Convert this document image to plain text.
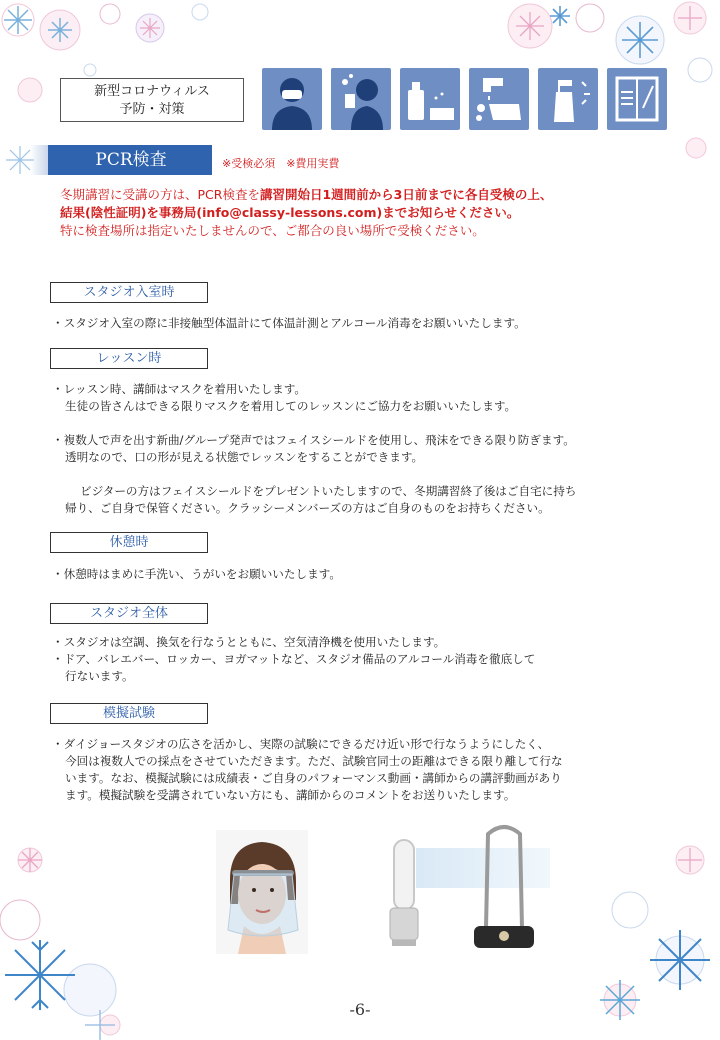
新型コロナウィルス
予防・対策
PCR検査	※受検必須　※費用実費
冬期講習に受講の方は、PCR検査を講習開始日1週間前から3日前までに各自受検の上、
結果(陰性証明)を事務局(info@classy-lessons.com)までお知らせください。
特に検査場所は指定いたしませんので、ご都合の良い場所で受検ください。
スタジオ入室時
・スタジオ入室の際に非接触型体温計にて体温計測とアルコール消毒をお願いいたします。
レッスン時
・レッスン時、講師はマスクを着用いたします。
生徒の皆さんはできる限りマスクを着用してのレッスンにご協力をお願いいたします。
・複数人で声を出す新曲/グループ発声ではフェイスシールドを使用し、飛沫をできる限り防ぎます。
透明なので、口の形が見える状態でレッスンをすることができます。
ビジターの方はフェイスシールドをプレゼントいたしますので、冬期講習終了後はご自宅に持ち
帰り、ご自身で保管ください。クラッシーメンバーズの方はご自身のものをお持ちください。
休憩時
・休憩時はまめに手洗い、うがいをお願いいたします。
スタジオ全体
・スタジオは空調、換気を行なうとともに、空気清浄機を使用いたします。
・ドア、バレエバー、ロッカー、ヨガマットなど、スタジオ備品のアルコール消毒を徹底して
行ないます。
模擬試験
・ダイジョースタジオの広さを活かし、実際の試験にできるだけ近い形で行なうようにしたく、
今回は複数人での採点をさせていただきます。ただ、試験官同士の距離はできる限り離して行な
います。なお、模擬試験には成績表・ご自身のパフォーマンス動画・講師からの講評動画があり
ます。模擬試験を受講されていない方にも、講師からのコメントをお送りいたします。
-6-
